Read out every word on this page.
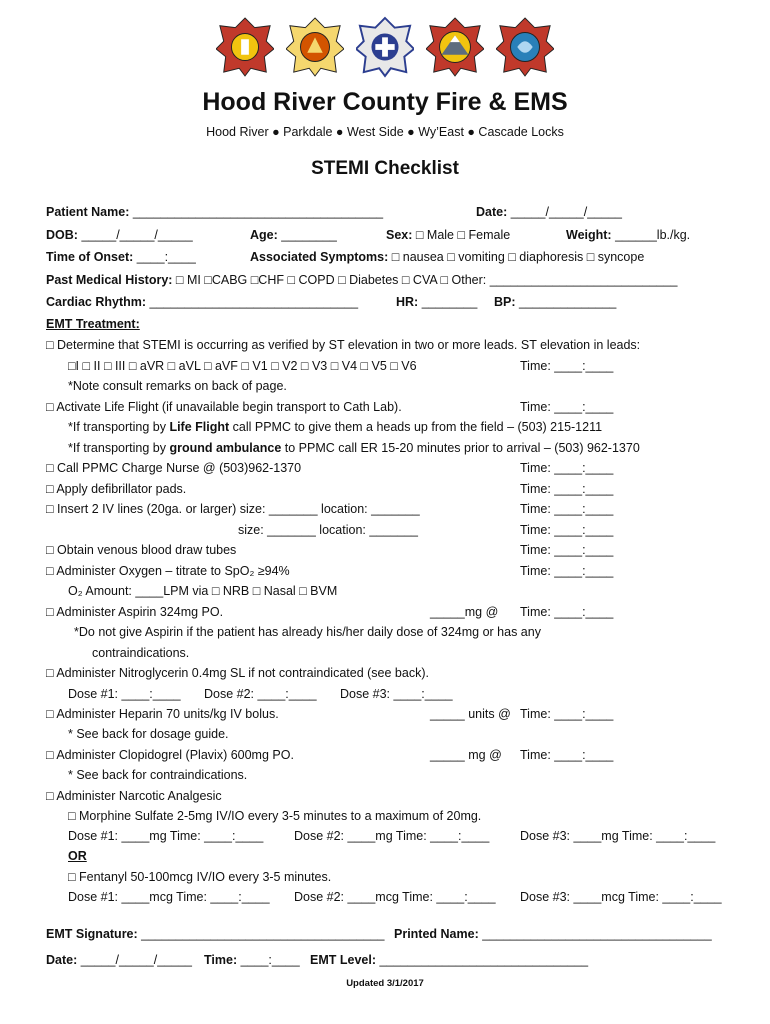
Hood River County Fire & EMS
Hood River ● Parkdale ● West Side ● Wy’East ● Cascade Locks
STEMI Checklist
Patient Name: ____________________________________	Date: _____/_____/_____
DOB: _____/_____/_____	Age: ________	Sex: □ Male □ Female	Weight: ______lb./kg.
Time of Onset: ____:____	Associated Symptoms: □ nausea □ vomiting □ diaphoresis □ syncope
Past Medical History: □ MI □CABG □CHF □ COPD □ Diabetes □ CVA □ Other: ___________________________
Cardiac Rhythm: ______________________________	HR: ________ BP: ______________
EMT Treatment:
□ Determine that STEMI is occurring as verified by ST elevation in two or more leads. ST elevation in leads:
□I □ II □ III □ aVR □ aVL □ aVF □ V1 □ V2 □ V3 □ V4 □ V5 □ V6	Time: ____:____
*Note consult remarks on back of page.
□ Activate Life Flight (if unavailable begin transport to Cath Lab).	Time: ____:____
*If transporting by Life Flight call PPMC to give them a heads up from the field – (503) 215-1211
*If transporting by ground ambulance to PPMC call ER 15-20 minutes prior to arrival – (503) 962-1370
□ Call PPMC Charge Nurse @ (503)962-1370	Time: ____:____
□ Apply defibrillator pads.	Time: ____:____
□ Insert 2 IV lines (20ga. or larger) size: _______ location: _______	Time: ____:____
size: _______ location: _______	Time: ____:____
□ Obtain venous blood draw tubes	Time: ____:____
□ Administer Oxygen – titrate to SpO₂ ≥94%	Time: ____:____
O₂ Amount: ____LPM via □ NRB □ Nasal □ BVM
□ Administer Aspirin 324mg PO.	_____mg @ Time: ____:____
*Do not give Aspirin if the patient has already his/her daily dose of 324mg or has any
contraindications.
□ Administer Nitroglycerin 0.4mg SL if not contraindicated (see back).
Dose #1: ____:____ Dose #2: ____:____ Dose #3: ____:____
□ Administer Heparin 70 units/kg IV bolus.	_____ units @ Time: ____:____
* See back for dosage guide.
□ Administer Clopidogrel (Plavix) 600mg PO.	_____ mg @ Time: ____:____
* See back for contraindications.
□ Administer Narcotic Analgesic
□ Morphine Sulfate 2-5mg IV/IO every 3-5 minutes to a maximum of 20mg.
Dose #1: ____mg Time: ____:____ Dose #2: ____mg Time: ____:____ Dose #3: ____mg Time: ____:____
OR
□ Fentanyl 50-100mcg IV/IO every 3-5 minutes.
Dose #1: ____mcg Time: ____:____ Dose #2: ____mcg Time: ____:____ Dose #3: ____mcg Time: ____:____
EMT Signature: ___________________________________ Printed Name: _________________________________
Date: _____/_____/_____ Time: ____:____ EMT Level: ______________________________
Updated 3/1/2017
